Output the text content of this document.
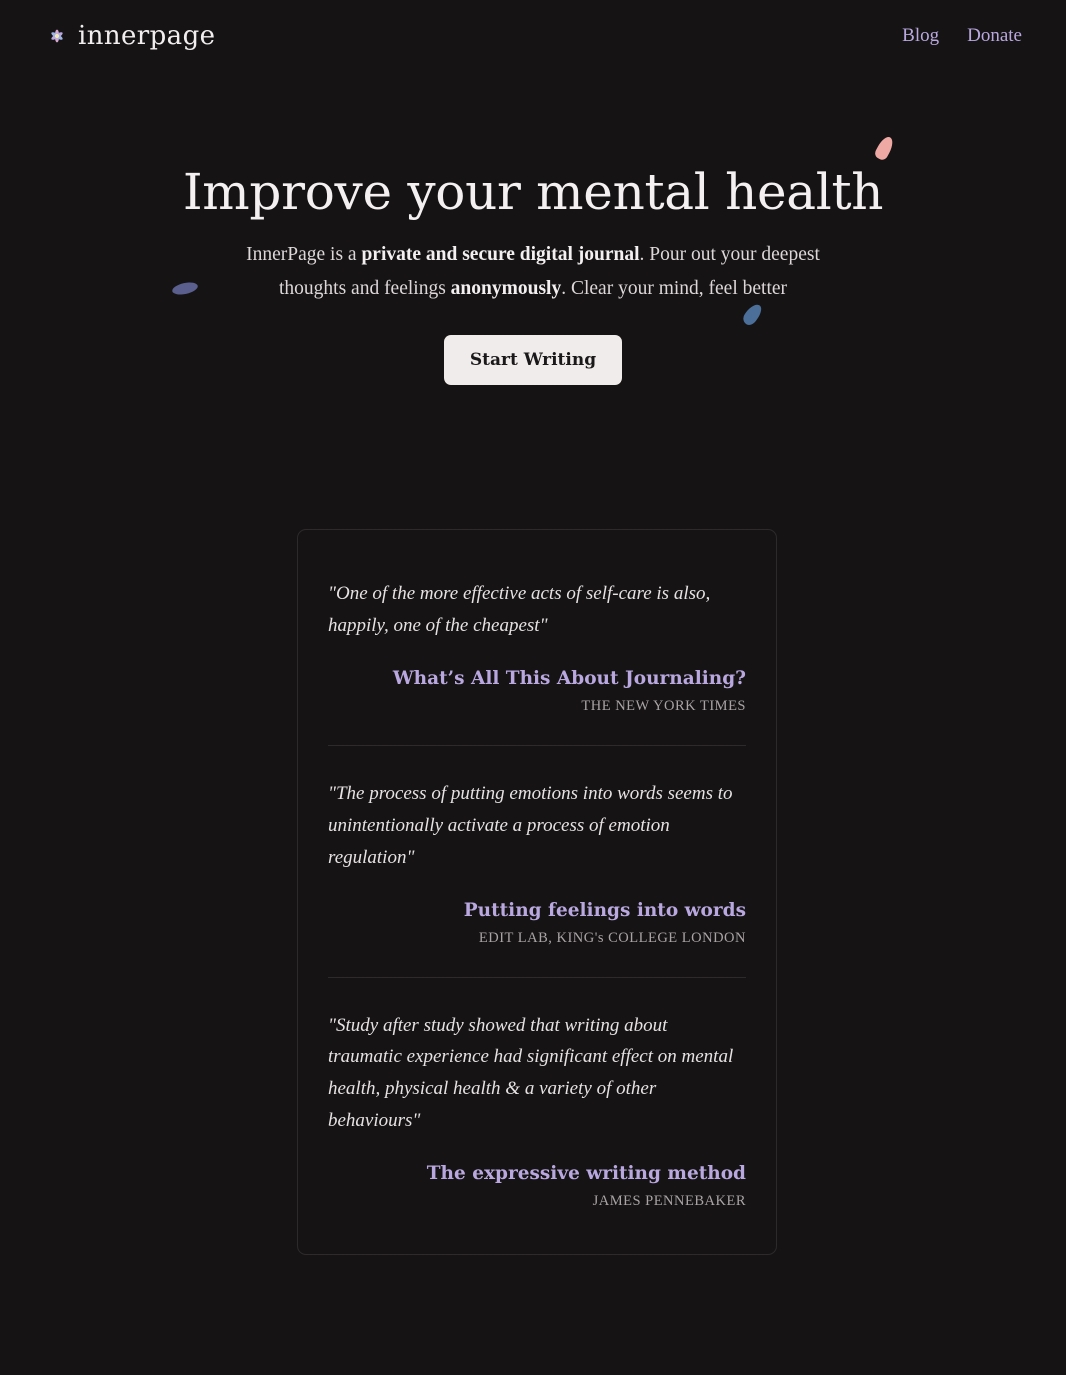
innerpage	Blog Donate
Improve your mental health

InnerPage is a private and secure digital journal. Pour out your deepest thoughts and feelings anonymously. Clear your mind, feel better

Start Writing

"One of the more effective acts of self-care is also, happily, one of the cheapest"

What’s All This About Journaling?
THE NEW YORK TIMES

"The process of putting emotions into words seems to unintentionally activate a process of emotion regulation"

Putting feelings into words
EDIT LAB, KING's COLLEGE LONDON

"Study after study showed that writing about traumatic experience had significant effect on mental health, physical health & a variety of other behaviours"

The expressive writing method
JAMES PENNEBAKER
